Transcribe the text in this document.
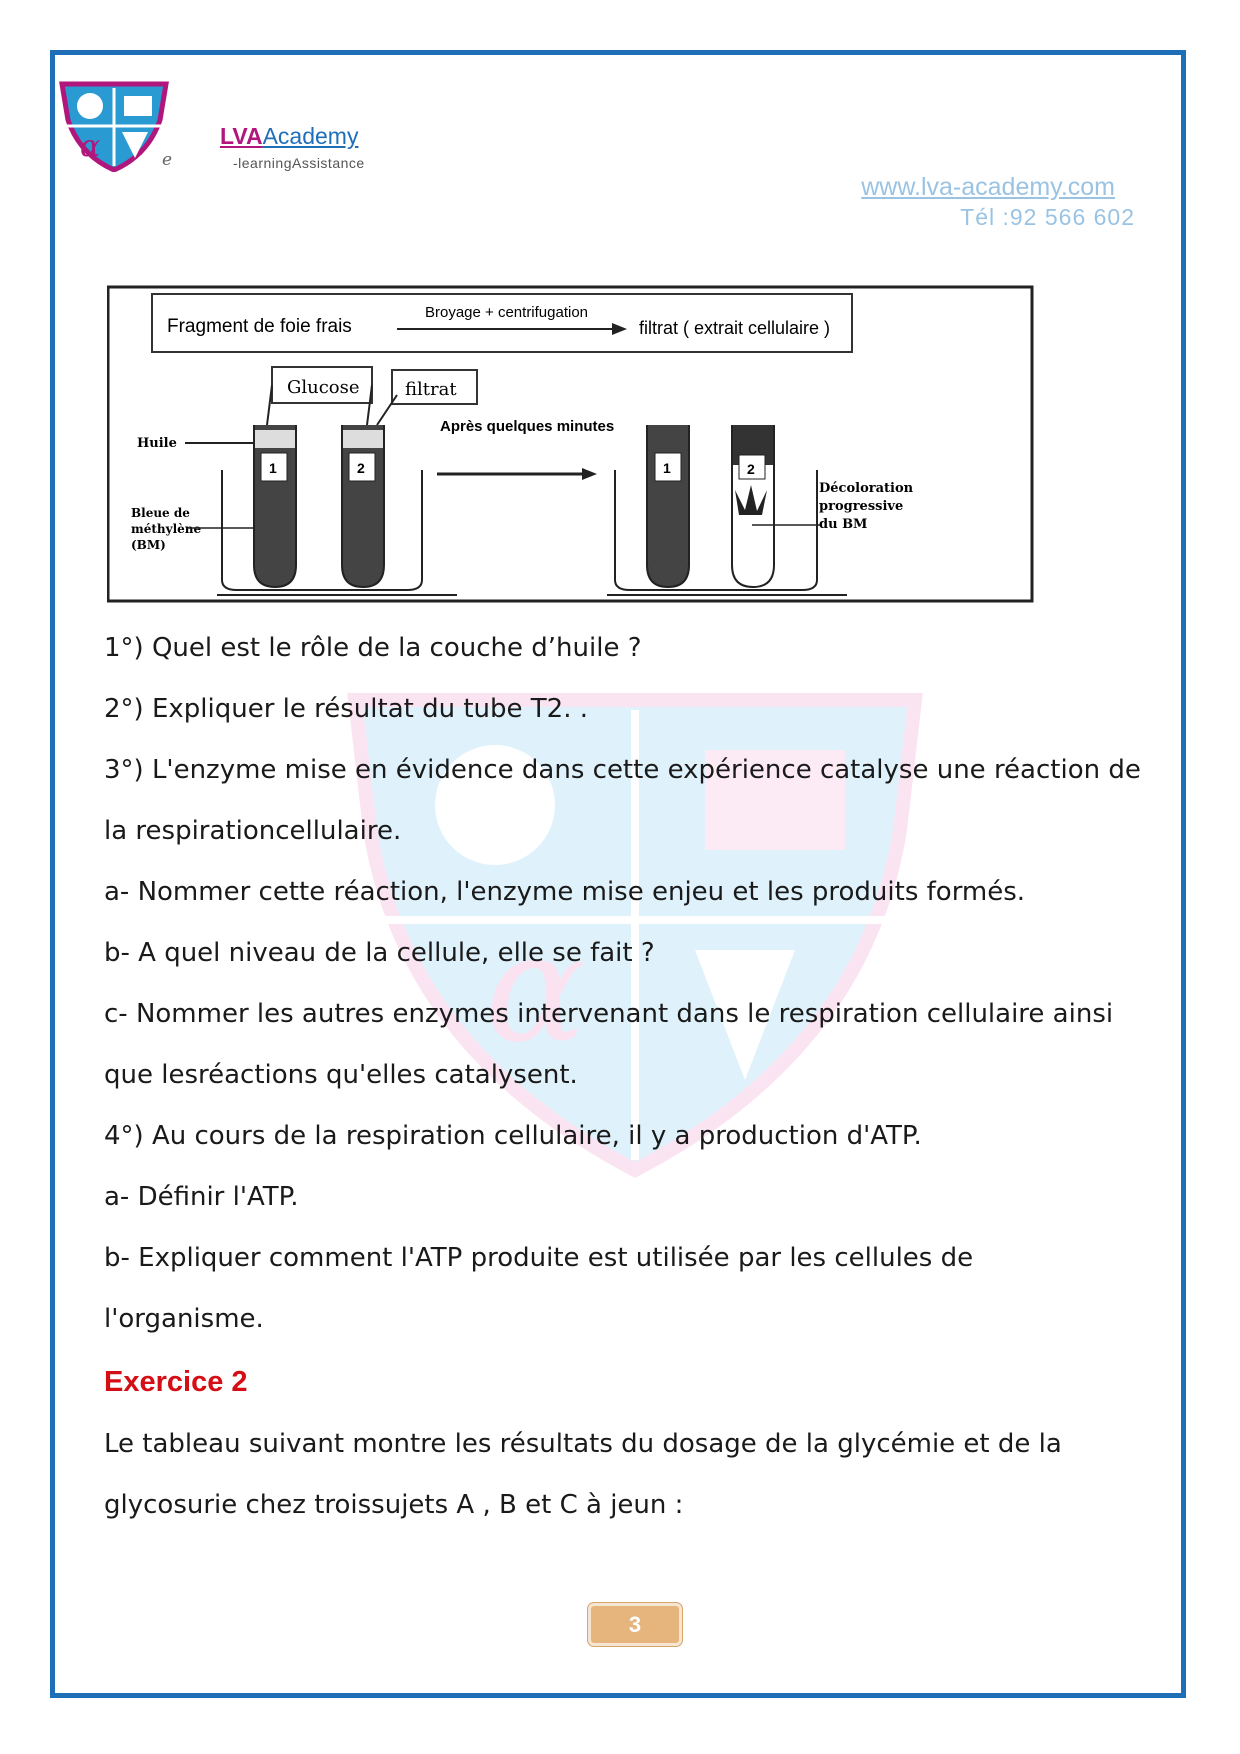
α
α	e
LVAAcademy
-learningAssistance
www.lva-academy.com
Tél :92 566 602
Fragment de foie frais
Broyage + centrifugation
filtrat ( extrait cellulaire )
Glucose	filtrat
Huile
Bleue de
méthylène
(BM)
1	2
Après quelques minutes
1	2
Décoloration
progressive
du BM

1°) Quel est le rôle de la couche d’huile ?

2°) Expliquer le résultat du tube T2. .

3°) L'enzyme mise en évidence dans cette expérience catalyse une réaction de

la respirationcellulaire.

a- Nommer cette réaction, l'enzyme mise enjeu et les produits formés.

b- A quel niveau de la cellule, elle se fait ?

c- Nommer les autres enzymes intervenant dans le respiration cellulaire ainsi

que lesréactions qu'elles catalysent.

4°) Au cours de la respiration cellulaire, il y a production d'ATP.

a- Définir l'ATP.

b- Expliquer comment l'ATP produite est utilisée par les cellules de

l'organisme.

Exercice 2

Le tableau suivant montre les résultats du dosage de la glycémie et de la

glycosurie chez troissujets A , B et C à jeun :

3
